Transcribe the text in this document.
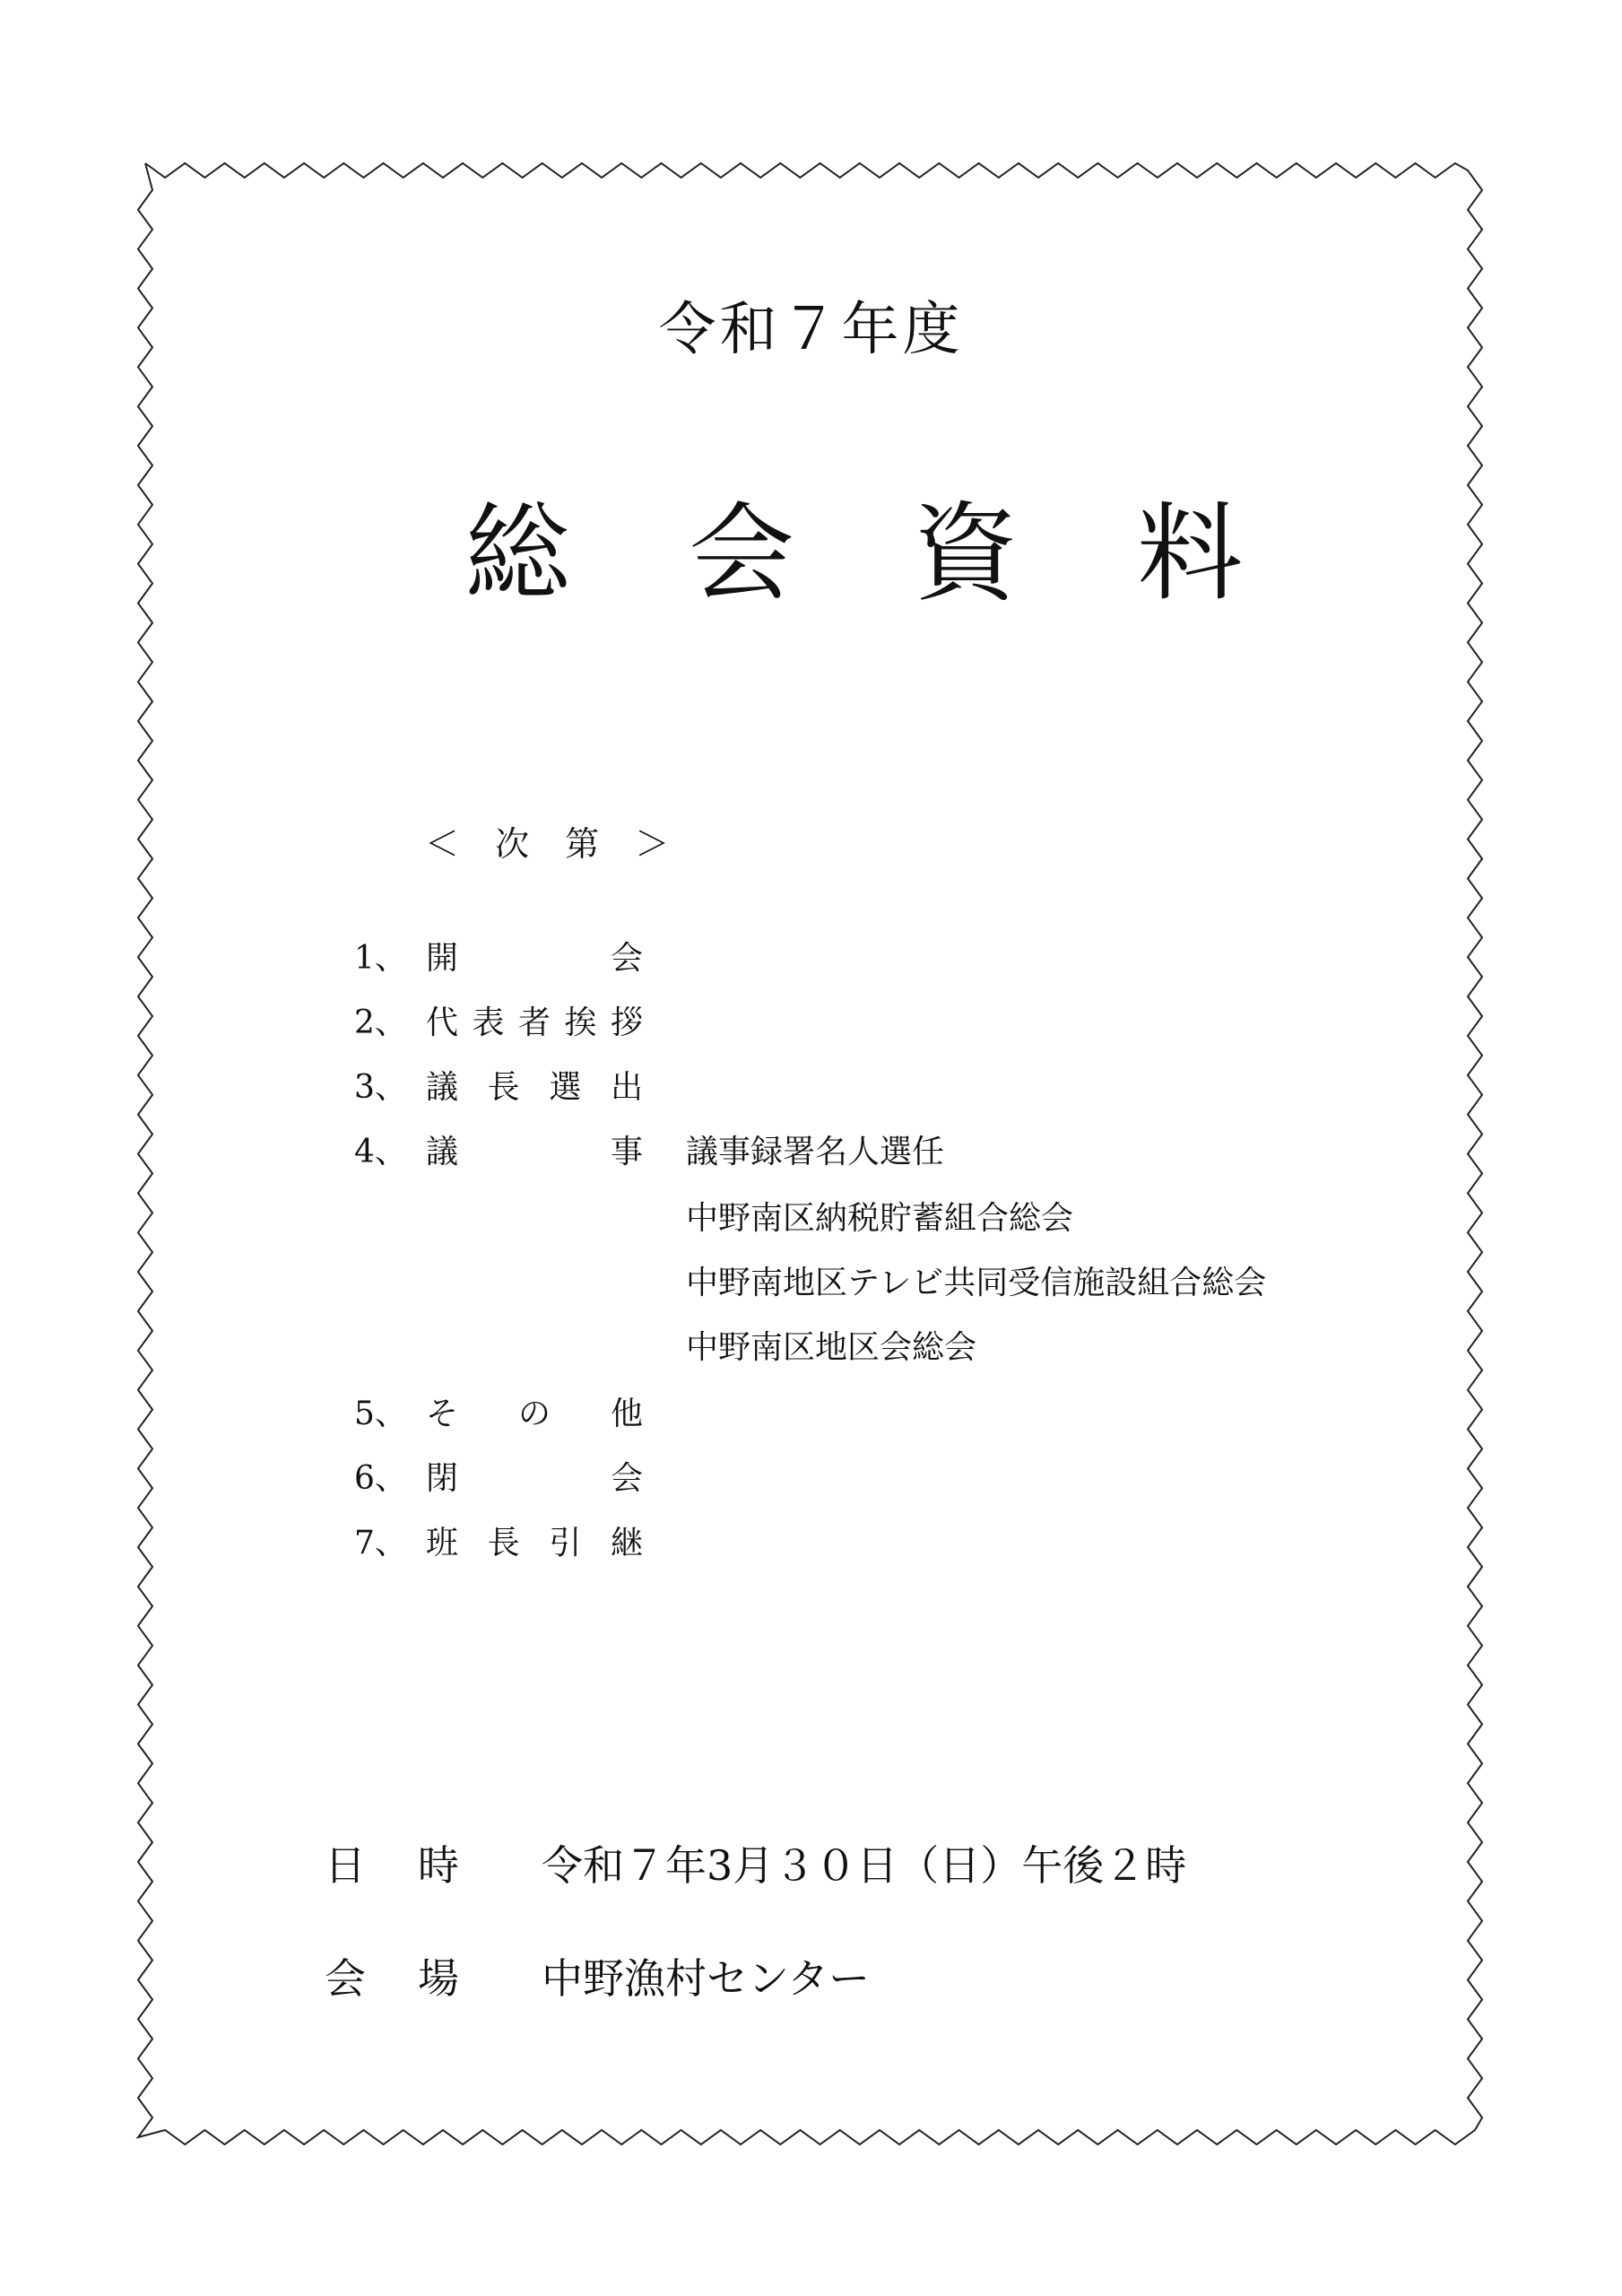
令和７年度
総 会 資 料
＜ 次 第 ＞
1、 開　　　　会
2、 代表者挨拶
3、 議長選出
4、 議　　　　事 議事録署名人選任
5、 そ　の　他
6、 閉　　　　会
7、 班長引継
中野南区納税貯蓄組合総会
中野南地区テレビ共同受信施設組合総会
中野南区地区会総会
日　時 令和７年3月３０日（日）午後２時
会　場 中野漁村センター
